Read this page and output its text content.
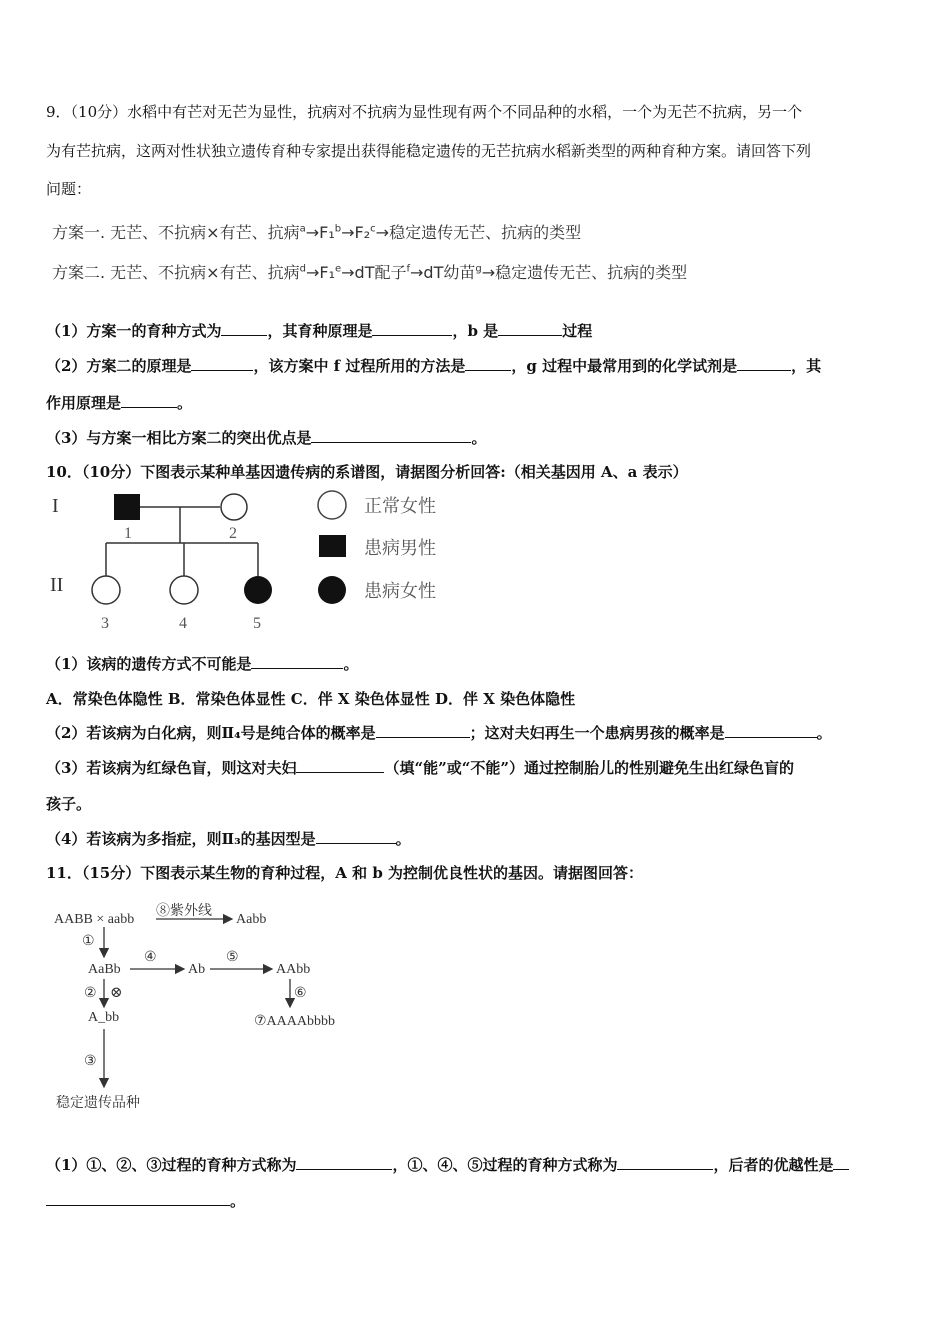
9．（10分）水稻中有芒对无芒为显性，抗病对不抗病为显性现有两个不同品种的水稻，一个为无芒不抗病，另一个
为有芒抗病，这两对性状独立遗传育种专家提出获得能稳定遗传的无芒抗病水稻新类型的两种育种方案。请回答下列
问题：
方案一. 无芒、不抗病×有芒、抗病$^a$→F₁$^b$→F₂$^c$→稳定遗传无芒、抗病的类型
方案二. 无芒、不抗病×有芒、抗病$^d$→F₁$^e$→dT配子$^f$→dT幼苗$^g$→稳定遗传无芒、抗病的类型
（1）方案一的育种方式为	，其育种原理是	，b 是	过程
（2）方案二的原理是	，该方案中 f 过程所用的方法是	，g 过程中最常用到的化学试剂是	，其
作用原理是	。
（3）与方案一相比方案二的突出优点是	。
10．（10分）下图表示某种单基因遗传病的系谱图，请据图分析回答:（相关基因用 A、a 表示）
I
II
1	2
3	4	5
正常女性
患病男性
患病女性
（1）该病的遗传方式不可能是	。
A．常染色体隐性 B．常染色体显性 C．伴 X 染色体显性 D．伴 X 染色体隐性
（2）若该病为白化病，则Ⅱ₄号是纯合体的概率是	；这对夫妇再生一个患病男孩的概率是	。
（3）若该病为红绿色盲，则这对夫妇	（填“能”或“不能”）通过控制胎儿的性别避免生出红绿色盲的
孩子。
（4）若该病为多指症，则Ⅱ₃的基因型是	。
11．（15分）下图表示某生物的育种过程，A 和 b 为控制优良性状的基因。请据图回答：
AABB × aabb
⑧紫外线
Aabb
①
AaBb
④
Ab
⑤
AAbb
② ⊗	⑥
A_bb	⑦AAAAbbbb
③
稳定遗传品种
（1）①、②、③过程的育种方式称为	，①、④、⑤过程的育种方式称为	，后者的优越性是
。
